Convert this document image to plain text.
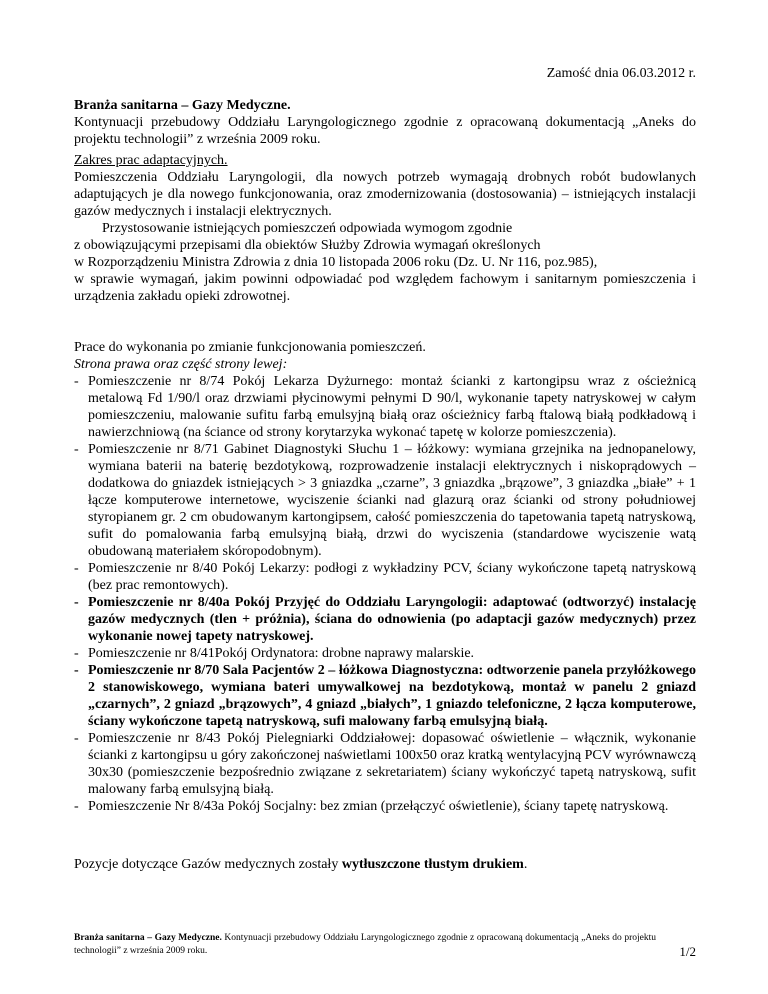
Zamość dnia 06.03.2012 r.
Branża sanitarna – Gazy Medyczne.
Kontynuacji przebudowy Oddziału Laryngologicznego zgodnie z opracowaną dokumentacją „Aneks do projektu technologii” z września 2009 roku.
Zakres prac adaptacyjnych.
Pomieszczenia Oddziału Laryngologii, dla nowych potrzeb wymagają drobnych robót budowlanych adaptujących je dla nowego funkcjonowania, oraz zmodernizowania (dostosowania) – istniejących instalacji gazów medycznych i instalacji elektrycznych.
Przystosowanie istniejących pomieszczeń odpowiada wymogom zgodnie
z obowiązującymi przepisami dla obiektów Służby Zdrowia wymagań określonych
w Rozporządzeniu Ministra Zdrowia z dnia 10 listopada 2006 roku (Dz. U. Nr 116, poz.985),
w sprawie wymagań, jakim powinni odpowiadać pod względem fachowym i sanitarnym pomieszczenia i urządzenia zakładu opieki zdrowotnej.
Prace do wykonania po zmianie funkcjonowania pomieszczeń.
Strona prawa oraz część strony lewej:
- Pomieszczenie nr 8/74 Pokój Lekarza Dyżurnego: montaż ścianki z kartongipsu wraz z ościeżnicą metalową Fd 1/90/l oraz drzwiami płycinowymi pełnymi D 90/l, wykonanie tapety natryskowej w całym pomieszczeniu, malowanie sufitu farbą emulsyjną białą oraz ościeżnicy farbą ftalową białą podkładową i nawierzchniową (na ściance od strony korytarzyka wykonać tapetę w kolorze pomieszczenia).
- Pomieszczenie nr 8/71 Gabinet Diagnostyki Słuchu 1 – łóżkowy: wymiana grzejnika na jednopanelowy, wymiana baterii na baterię bezdotykową, rozprowadzenie instalacji elektrycznych i niskoprądowych – dodatkowa do gniazdek istniejących > 3 gniazdka „czarne”, 3 gniazdka „brązowe”, 3 gniazdka „białe” + 1 łącze komputerowe internetowe, wyciszenie ścianki nad glazurą oraz ścianki od strony południowej styropianem gr. 2 cm obudowanym kartongipsem, całość pomieszczenia do tapetowania tapetą natryskową, sufit do pomalowania farbą emulsyjną białą, drzwi do wyciszenia (standardowe wyciszenie watą obudowaną materiałem skóropodobnym).
- Pomieszczenie nr 8/40 Pokój Lekarzy: podłogi z wykładziny PCV, ściany wykończone tapetą natryskową (bez prac remontowych).
- Pomieszczenie nr 8/40a Pokój Przyjęć do Oddziału Laryngologii: adaptować (odtworzyć) instalację gazów medycznych (tlen + próżnia), ściana do odnowienia (po adaptacji gazów medycznych) przez wykonanie nowej tapety natryskowej.
- Pomieszczenie nr 8/41Pokój Ordynatora: drobne naprawy malarskie.
- Pomieszczenie nr 8/70 Sala Pacjentów 2 – łóżkowa Diagnostyczna: odtworzenie panela przyłóżkowego 2 stanowiskowego, wymiana bateri umywalkowej na bezdotykową, montaż w panelu 2 gniazd „czarnych”, 2 gniazd „brązowych”, 4 gniazd „białych”, 1 gniazdo telefoniczne, 2 łącza komputerowe, ściany wykończone tapetą natryskową, sufi malowany farbą emulsyjną białą.
- Pomieszczenie nr 8/43 Pokój Pielegniarki Oddziałowej: dopasować oświetlenie – włącznik, wykonanie ścianki z kartongipsu u góry zakończonej naświetlami 100x50 oraz kratką wentylacyjną PCV wyrównawczą 30x30 (pomieszczenie bezpośrednio związane z sekretariatem) ściany wykończyć tapetą natryskową, sufit malowany farbą emulsyjną białą.
- Pomieszczenie Nr 8/43a Pokój Socjalny: bez zmian (przełączyć oświetlenie), ściany tapetę natryskową.
Pozycje dotyczące Gazów medycznych zostały wytłuszczone tłustym drukiem.
Branża sanitarna – Gazy Medyczne. Kontynuacji przebudowy Oddziału Laryngologicznego zgodnie z opracowaną dokumentacją „Aneks do projektu technologii” z września 2009 roku.	1/2
